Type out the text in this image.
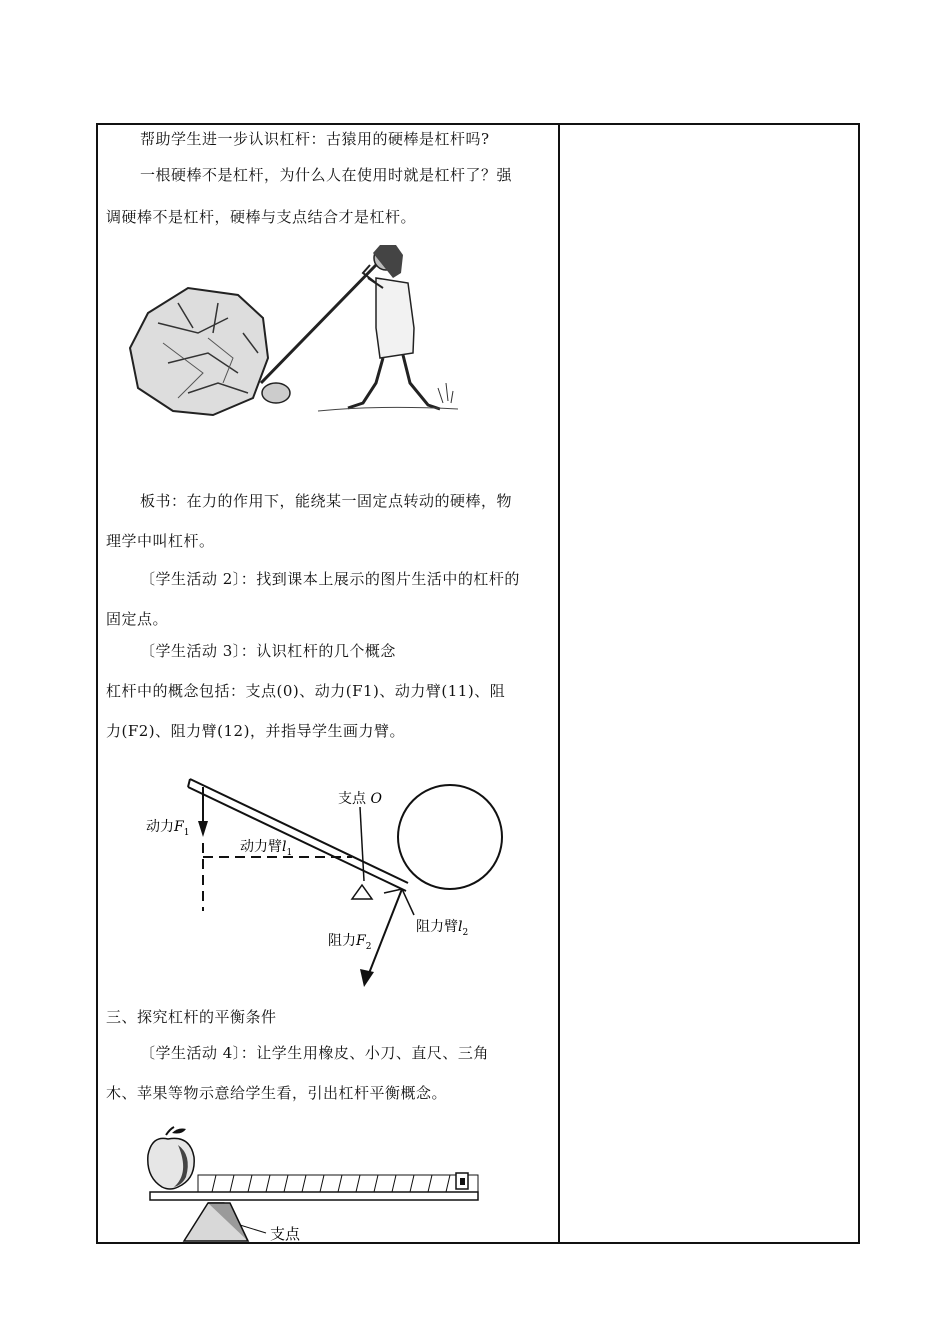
帮助学生进一步认识杠杆：古猿用的硬棒是杠杆吗?
一根硬棒不是杠杆，为什么人在使用时就是杠杆了？强
调硬棒不是杠杆，硬棒与支点结合才是杠杆。
板书：在力的作用下，能绕某一固定点转动的硬棒，物
理学中叫杠杆。
〔学生活动 2〕：找到课本上展示的图片生活中的杠杆的
固定点。
〔学生活动 3〕：认识杠杆的几个概念
杠杆中的概念包括：支点(0)、动力(F1)、动力臂(11)、阻
力(F2)、阻力臂(12)，并指导学生画力臂。
支点 O
动力$F_1$
动力臂$l_1$
阻力臂$l_2$
阻力$F_2$
三、探究杠杆的平衡条件
〔学生活动 4〕：让学生用橡皮、小刀、直尺、三角
木、苹果等物示意给学生看，引出杠杆平衡概念。
支点
